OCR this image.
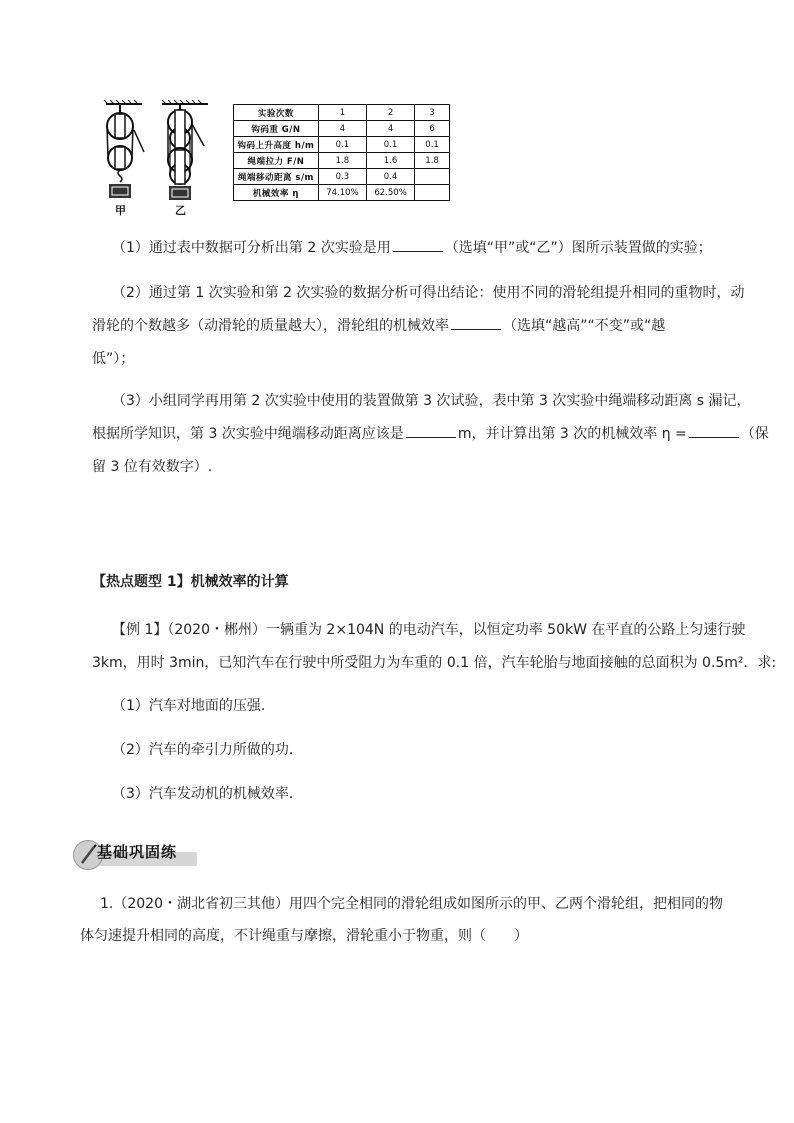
甲	乙
实验次数	1	2	3
钩码重 G/N	4	4	6
钩码上升高度 h/m	0.1	0.1	0.1
绳端拉力 F/N	1.8	1.6	1.8
绳端移动距离 s/m	0.3	0.4	
机械效率 η	74.10%	62.50%	
（1）通过表中数据可分析出第 2 次实验是用	（选填“甲”或“乙”）图所示装置做的实验；
（2）通过第 1 次实验和第 2 次实验的数据分析可得出结论：使用不同的滑轮组提升相同的重物时，动
滑轮的个数越多（动滑轮的质量越大），滑轮组的机械效率	（选填“越高”“不变”或“越
低”）；
（3）小组同学再用第 2 次实验中使用的装置做第 3 次试验，表中第 3 次实验中绳端移动距离 s 漏记，
根据所学知识，第 3 次实验中绳端移动距离应该是	m，并计算出第 3 次的机械效率 η =	（保
留 3 位有效数字）.
【热点题型 1】机械效率的计算
【例 1】（2020・郴州）一辆重为 2×104N 的电动汽车，以恒定功率 50kW 在平直的公路上匀速行驶
3km，用时 3min，已知汽车在行驶中所受阻力为车重的 0.1 倍，汽车轮胎与地面接触的总面积为 0.5m²．求:
（1）汽车对地面的压强．
（2）汽车的牵引力所做的功．
（3）汽车发动机的机械效率．
基础巩固练
1.（2020・湖北省初三其他）用四个完全相同的滑轮组成如图所示的甲、乙两个滑轮组，把相同的物
体匀速提升相同的高度，不计绳重与摩擦，滑轮重小于物重，则（　　）
